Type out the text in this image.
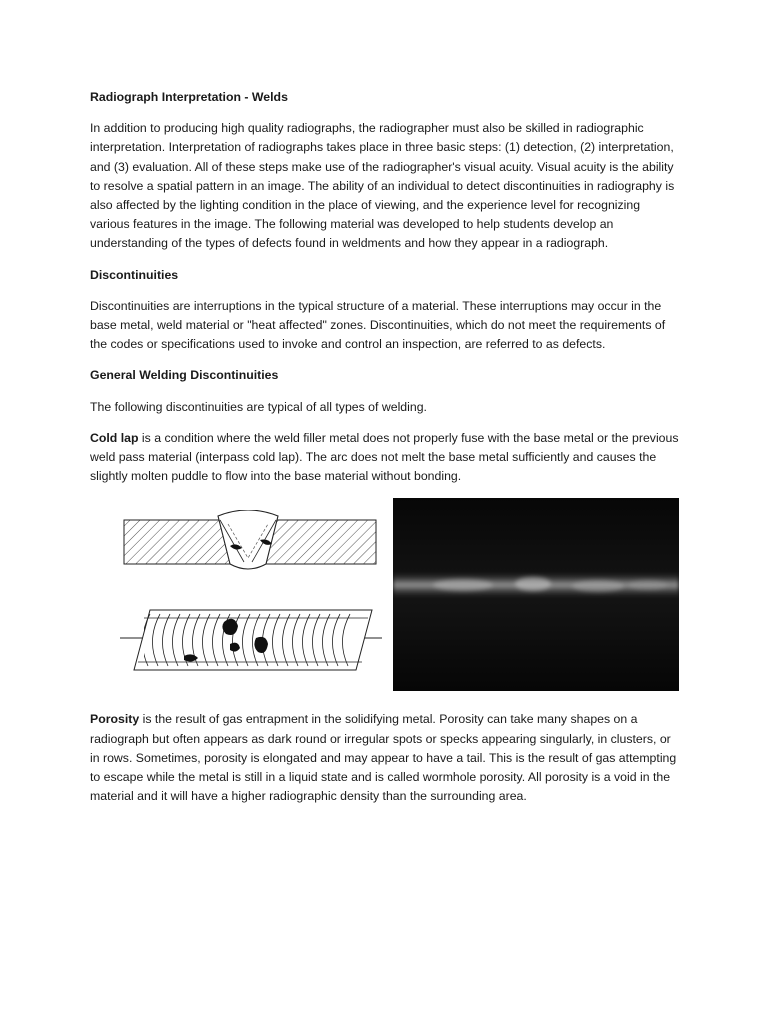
Radiograph Interpretation - Welds

In addition to producing high quality radiographs, the radiographer must also be skilled in radiographic interpretation. Interpretation of radiographs takes place in three basic steps: (1) detection, (2) interpretation, and (3) evaluation. All of these steps make use of the radiographer's visual acuity. Visual acuity is the ability to resolve a spatial pattern in an image. The ability of an individual to detect discontinuities in radiography is also affected by the lighting condition in the place of viewing, and the experience level for recognizing various features in the image. The following material was developed to help students develop an understanding of the types of defects found in weldments and how they appear in a radiograph.

Discontinuities

Discontinuities are interruptions in the typical structure of a material. These interruptions may occur in the base metal, weld material or "heat affected" zones. Discontinuities, which do not meet the requirements of the codes or specifications used to invoke and control an inspection, are referred to as defects.

General Welding Discontinuities

The following discontinuities are typical of all types of welding.

Cold lap is a condition where the weld filler metal does not properly fuse with the base metal or the previous weld pass material (interpass cold lap). The arc does not melt the base metal sufficiently and causes the slightly molten puddle to flow into the base material without bonding.

Porosity is the result of gas entrapment in the solidifying metal. Porosity can take many shapes on a radiograph but often appears as dark round or irregular spots or specks appearing singularly, in clusters, or in rows. Sometimes, porosity is elongated and may appear to have a tail. This is the result of gas attempting to escape while the metal is still in a liquid state and is called wormhole porosity. All porosity is a void in the material and it will have a higher radiographic density than the surrounding area.
